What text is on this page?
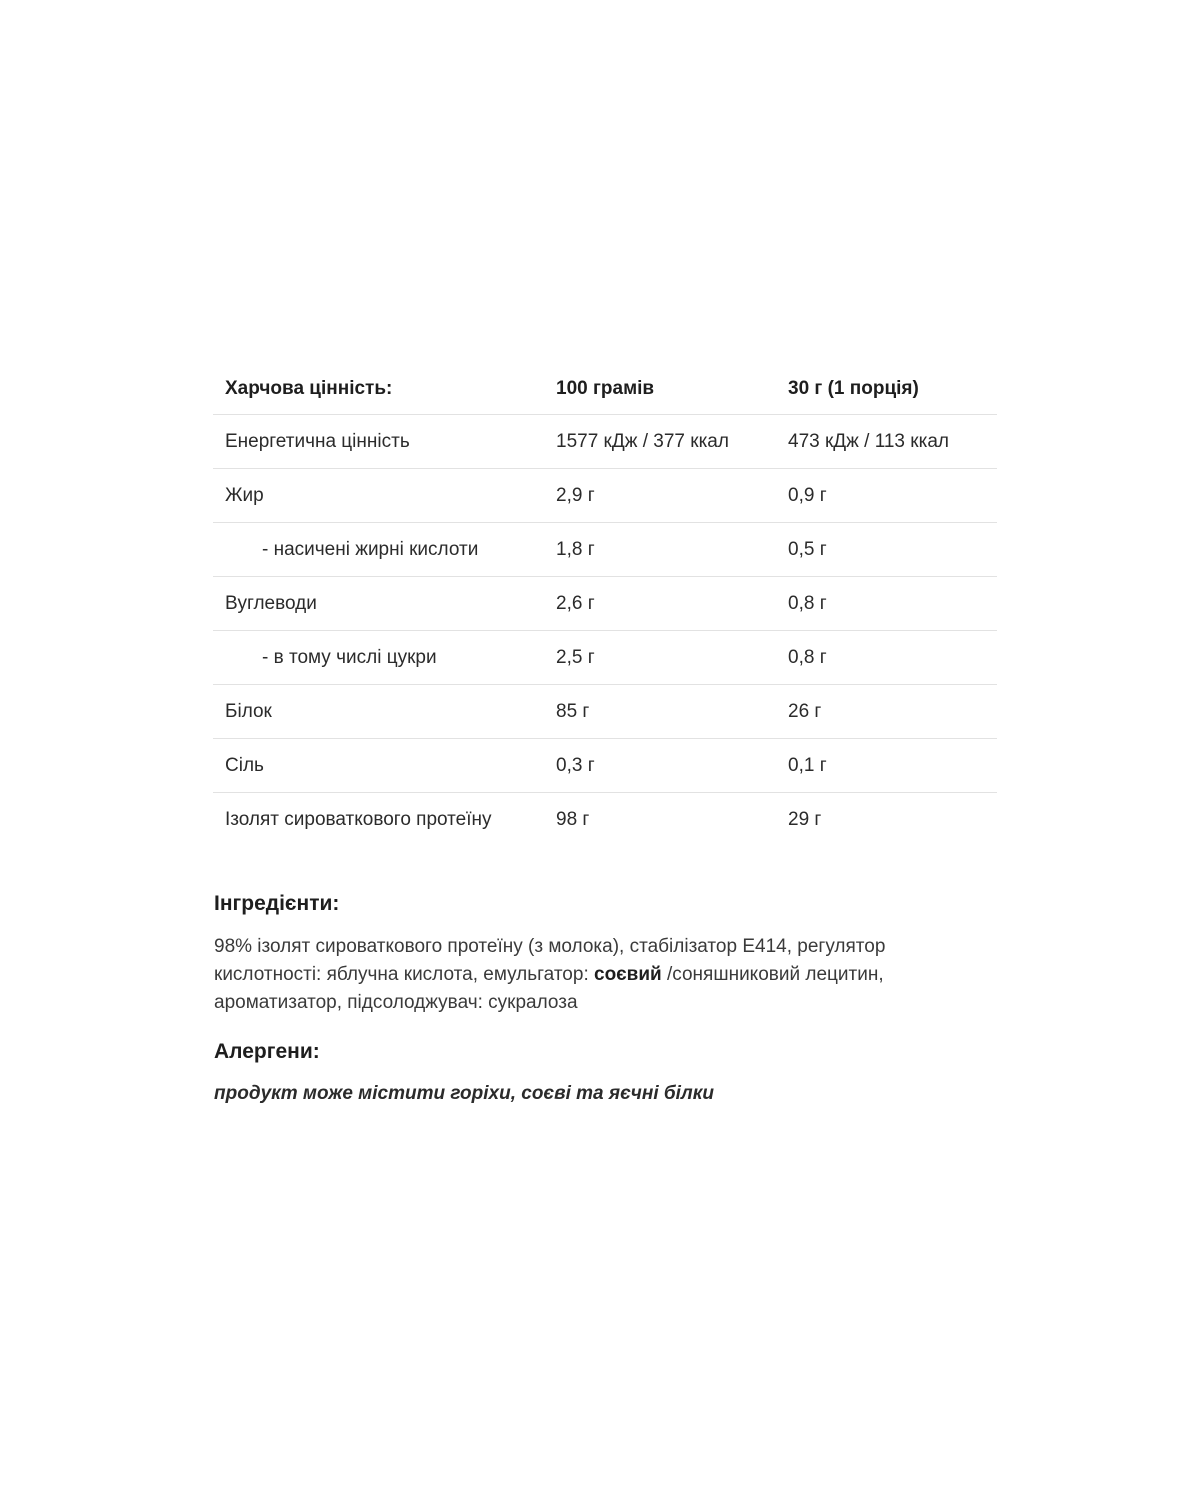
Харчова цінність:	100 грамів	30 г (1 порція)
Енергетична цінність	1577 кДж / 377 ккал	473 кДж / 113 ккал
Жир	2,9 г	0,9 г
- насичені жирні кислоти	1,8 г	0,5 г
Вуглеводи	2,6 г	0,8 г
- в тому числі цукри	2,5 г	0,8 г
Білок	85 г	26 г
Сіль	0,3 г	0,1 г
Ізолят сироваткового протеїну	98 г	29 г
Інгредієнти:
98% ізолят сироваткового протеїну (з молока), стабілізатор Е414, регулятор кислотності: яблучна кислота, емульгатор: соєвий /соняшниковий лецитин, ароматизатор, підсолоджувач: сукралоза
Алергени:
продукт може містити горіхи, соєві та яєчні білки
